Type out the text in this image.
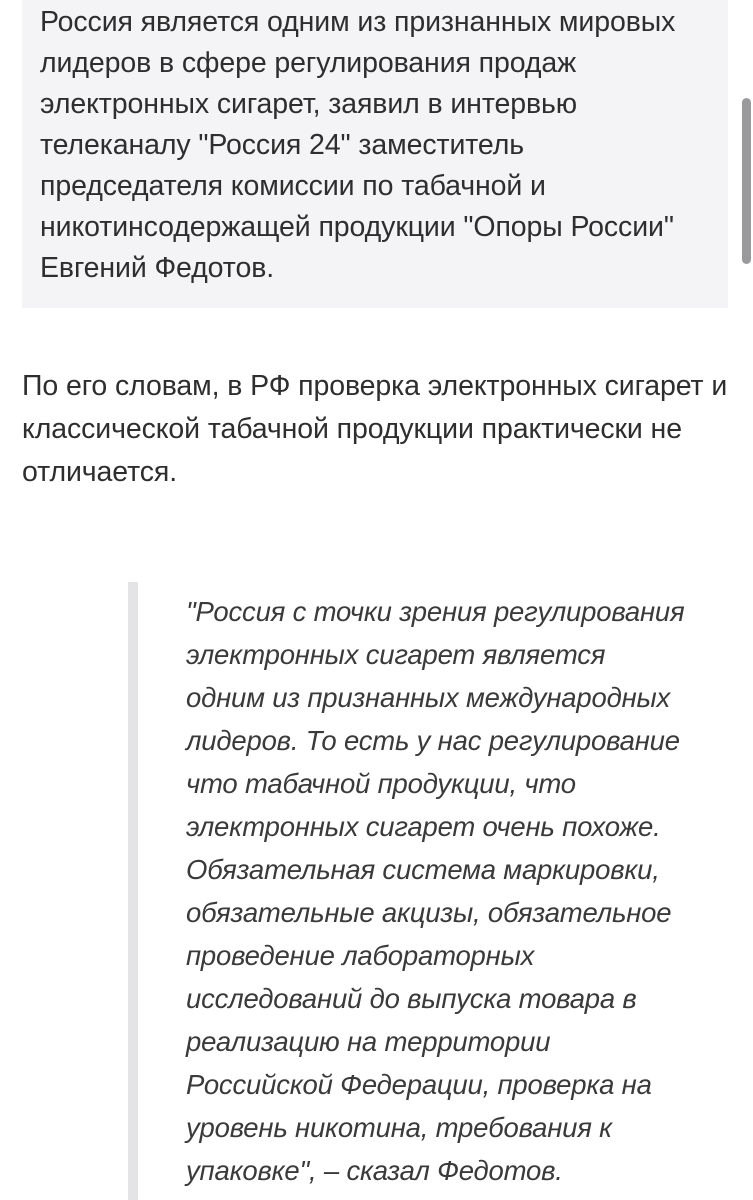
Россия является одним из признанных мировых лидеров в сфере регулирования продаж электронных сигарет, заявил в интервью телеканалу "Россия 24" заместитель председателя комиссии по табачной и никотинсодержащей продукции "Опоры России" Евгений Федотов.

По его словам, в РФ проверка электронных сигарет и классической табачной продукции практически не отличается.

"Россия с точки зрения регулирования электронных сигарет является одним из признанных международных лидеров. То есть у нас регулирование что табачной продукции, что электронных сигарет очень похоже. Обязательная система маркировки, обязательные акцизы, обязательное проведение лабораторных исследований до выпуска товара в реализацию на территории Российской Федерации, проверка на уровень никотина, требования к упаковке", – сказал Федотов.
